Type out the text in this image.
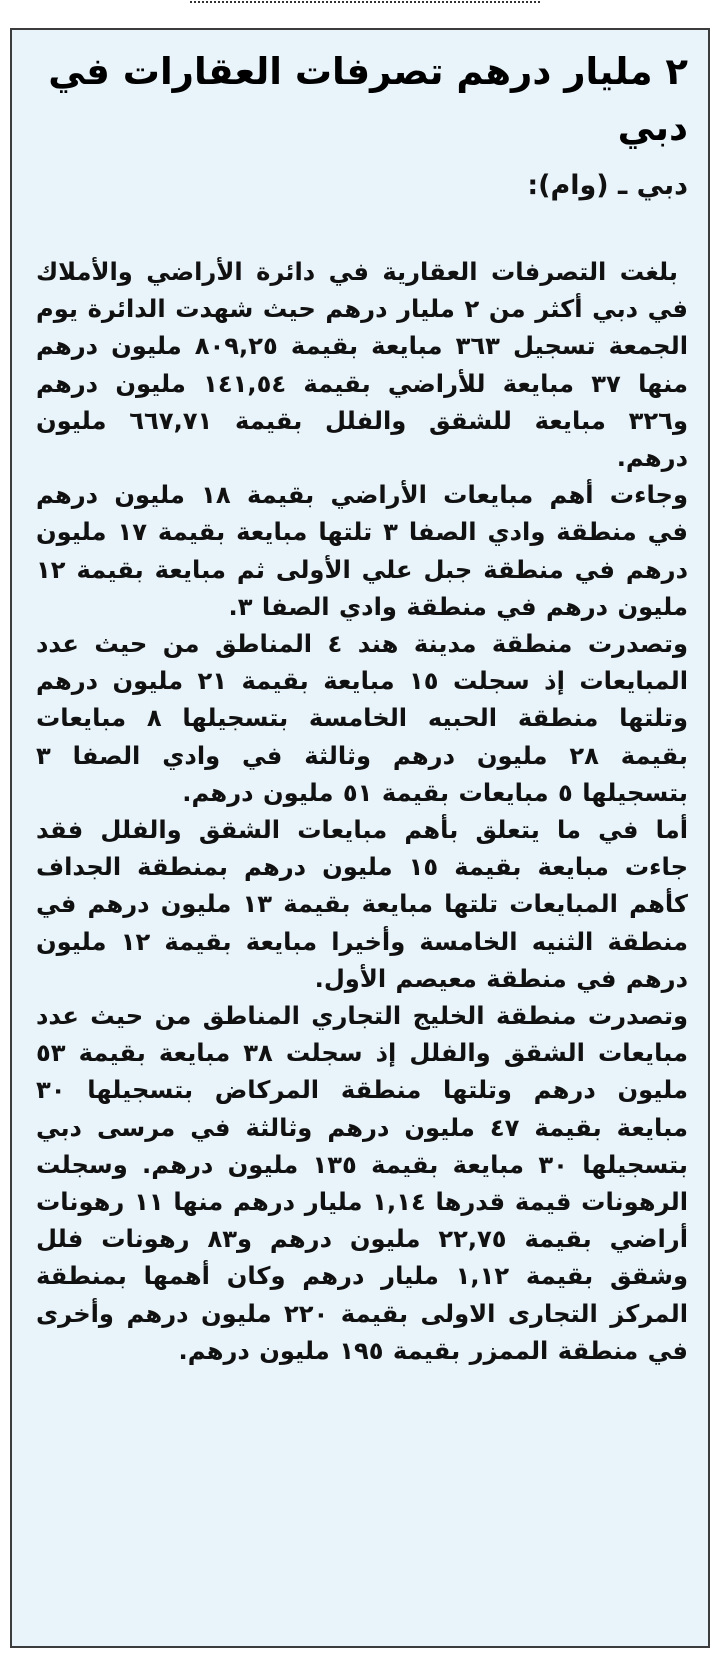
٢ مليار درهم تصرفات العقارات في دبي

دبي ـ (وام):

بلغت التصرفات العقارية في دائرة الأراضي والأملاك في دبي أكثر من ٢ مليار درهم حيث شهدت الدائرة يوم الجمعة تسجيل ٣٦٣ مبايعة بقيمة ٨٠٩,٢٥ مليون درهم منها ٣٧ مبايعة للأراضي بقيمة ١٤١,٥٤ مليون درهم و٣٢٦ مبايعة للشقق والفلل بقيمة ٦٦٧,٧١ مليون درهم.

وجاءت أهم مبايعات الأراضي بقيمة ١٨ مليون درهم في منطقة وادي الصفا ٣ تلتها مبايعة بقيمة ١٧ مليون درهم في منطقة جبل علي الأولى ثم مبايعة بقيمة ١٢ مليون درهم في منطقة وادي الصفا ٣.

وتصدرت منطقة مدينة هند ٤ المناطق من حيث عدد المبايعات إذ سجلت ١٥ مبايعة بقيمة ٢١ مليون درهم وتلتها منطقة الحبيه الخامسة بتسجيلها ٨ مبايعات بقيمة ٢٨ مليون درهم وثالثة في وادي الصفا ٣ بتسجيلها ٥ مبايعات بقيمة ٥١ مليون درهم.

أما في ما يتعلق بأهم مبايعات الشقق والفلل فقد جاءت مبايعة بقيمة ١٥ مليون درهم بمنطقة الجداف كأهم المبايعات تلتها مبايعة بقيمة ١٣ مليون درهم في منطقة الثنيه الخامسة وأخيرا مبايعة بقيمة ١٢ مليون درهم في منطقة معيصم الأول.

وتصدرت منطقة الخليج التجاري المناطق من حيث عدد مبايعات الشقق والفلل إذ سجلت ٣٨ مبايعة بقيمة ٥٣ مليون درهم وتلتها منطقة المركاض بتسجيلها ٣٠ مبايعة بقيمة ٤٧ مليون درهم وثالثة في مرسى دبي بتسجيلها ٣٠ مبايعة بقيمة ١٣٥ مليون درهم. وسجلت الرهونات قيمة قدرها ١,١٤ مليار درهم منها ١١ رهونات أراضي بقيمة ٢٢,٧٥ مليون درهم و٨٣ رهونات فلل وشقق بقيمة ١,١٢ مليار درهم وكان أهمها بمنطقة المركز التجارى الاولى بقيمة ٢٢٠ مليون درهم وأخرى في منطقة الممزر بقيمة ١٩٥ مليون درهم.
